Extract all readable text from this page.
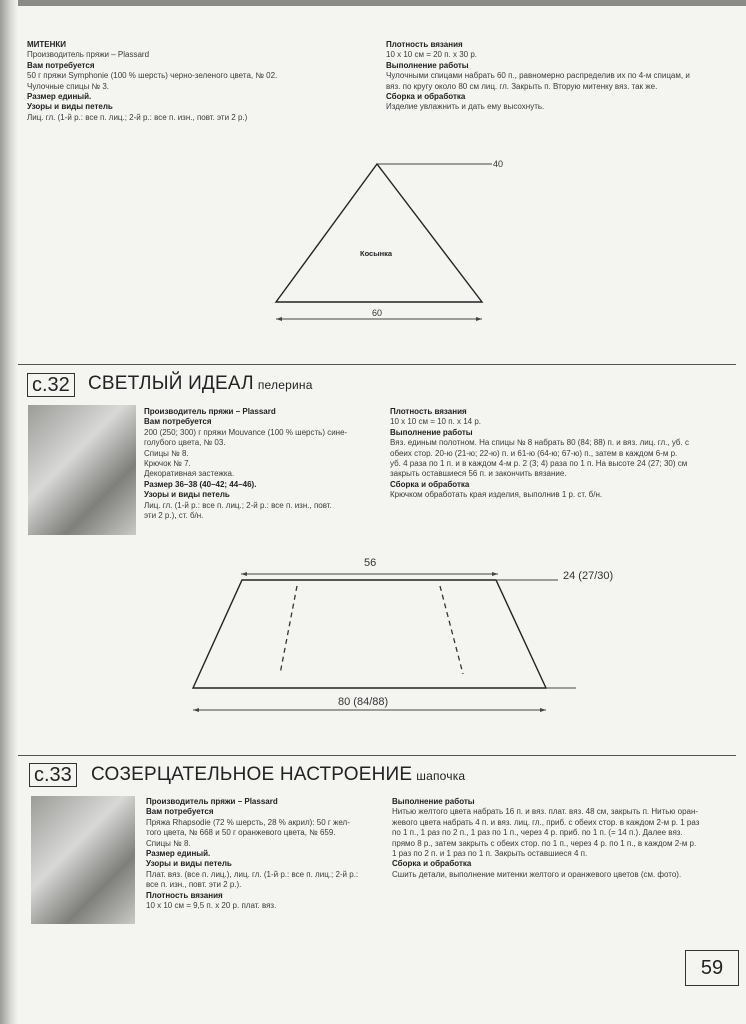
МИТЕНКИ
Производитель пряжи – Plassard
Вам потребуется
50 г пряжи Symphonie (100 % шерсть) черно-зеленого цвета, № 02.
Чулочные спицы № 3.
Размер единый.
Узоры и виды петель
Лиц. гл. (1-й р.: все п. лиц.; 2-й р.: все п. изн., повт. эти 2 р.)
Плотность вязания
10 х 10 см = 20 п. х 30 р.
Выполнение работы
Чулочными спицами набрать 60 п., равномерно распределив их по 4-м спицам, и
вяз. по кругу около 80 см лиц. гл. Закрыть п. Вторую митенку вяз. так же.
Сборка и обработка
Изделие увлажнить и дать ему высохнуть.
40
Косынка
60
с.32 СВЕТЛЫЙ ИДЕАЛ пелерина
Производитель пряжи – Plassard
Вам потребуется
200 (250; 300) г пряжи Mouvance (100 % шерсть) сине-
голубого цвета, № 03.
Спицы № 8.
Крючок № 7.
Декоративная застежка.
Размер 36–38 (40–42; 44–46).
Узоры и виды петель
Лиц. гл. (1-й р.: все п. лиц.; 2-й р.: все п. изн., повт.
эти 2 р.), ст. б/н.
Плотность вязания
10 х 10 см = 10 п. х 14 р.
Выполнение работы
Вяз. единым полотном. На спицы № 8 набрать 80 (84; 88) п. и вяз. лиц. гл., уб. с
обеих стор. 20-ю (21-ю; 22-ю) п. и 61-ю (64-ю; 67-ю) п., затем в каждом 6-м р.
уб. 4 раза по 1 п. и в каждом 4-м р. 2 (3; 4) раза по 1 п. На высоте 24 (27; 30) см
закрыть оставшиеся 56 п. и закончить вязание.
Сборка и обработка
Крючком обработать края изделия, выполнив 1 р. ст. б/н.
56
24 (27/30)
80 (84/88)
с.33 СОЗЕРЦАТЕЛЬНОЕ НАСТРОЕНИЕ шапочка
Производитель пряжи – Plassard
Вам потребуется
Пряжа Rhapsodie (72 % шерсть, 28 % акрил): 50 г жел-
того цвета, № 668 и 50 г оранжевого цвета, № 659.
Спицы № 8.
Размер единый.
Узоры и виды петель
Плат. вяз. (все п. лиц.), лиц. гл. (1-й р.: все п. лиц.; 2-й р.:
все п. изн., повт. эти 2 р.).
Плотность вязания
10 х 10 см = 9,5 п. х 20 р. плат. вяз.
Выполнение работы
Нитью желтого цвета набрать 16 п. и вяз. плат. вяз. 48 см, закрыть п. Нитью оран-
жевого цвета набрать 4 п. и вяз. лиц. гл., приб. с обеих стор. в каждом 2-м р. 1 раз
по 1 п., 1 раз по 2 п., 1 раз по 1 п., через 4 р. приб. по 1 п. (= 14 п.). Далее вяз.
прямо 8 р., затем закрыть с обеих стор. по 1 п., через 4 р. по 1 п., в каждом 2-м р.
1 раз по 2 п. и 1 раз по 1 п. Закрыть оставшиеся 4 п.
Сборка и обработка
Сшить детали, выполнение митенки желтого и оранжевого цветов (см. фото).
59
